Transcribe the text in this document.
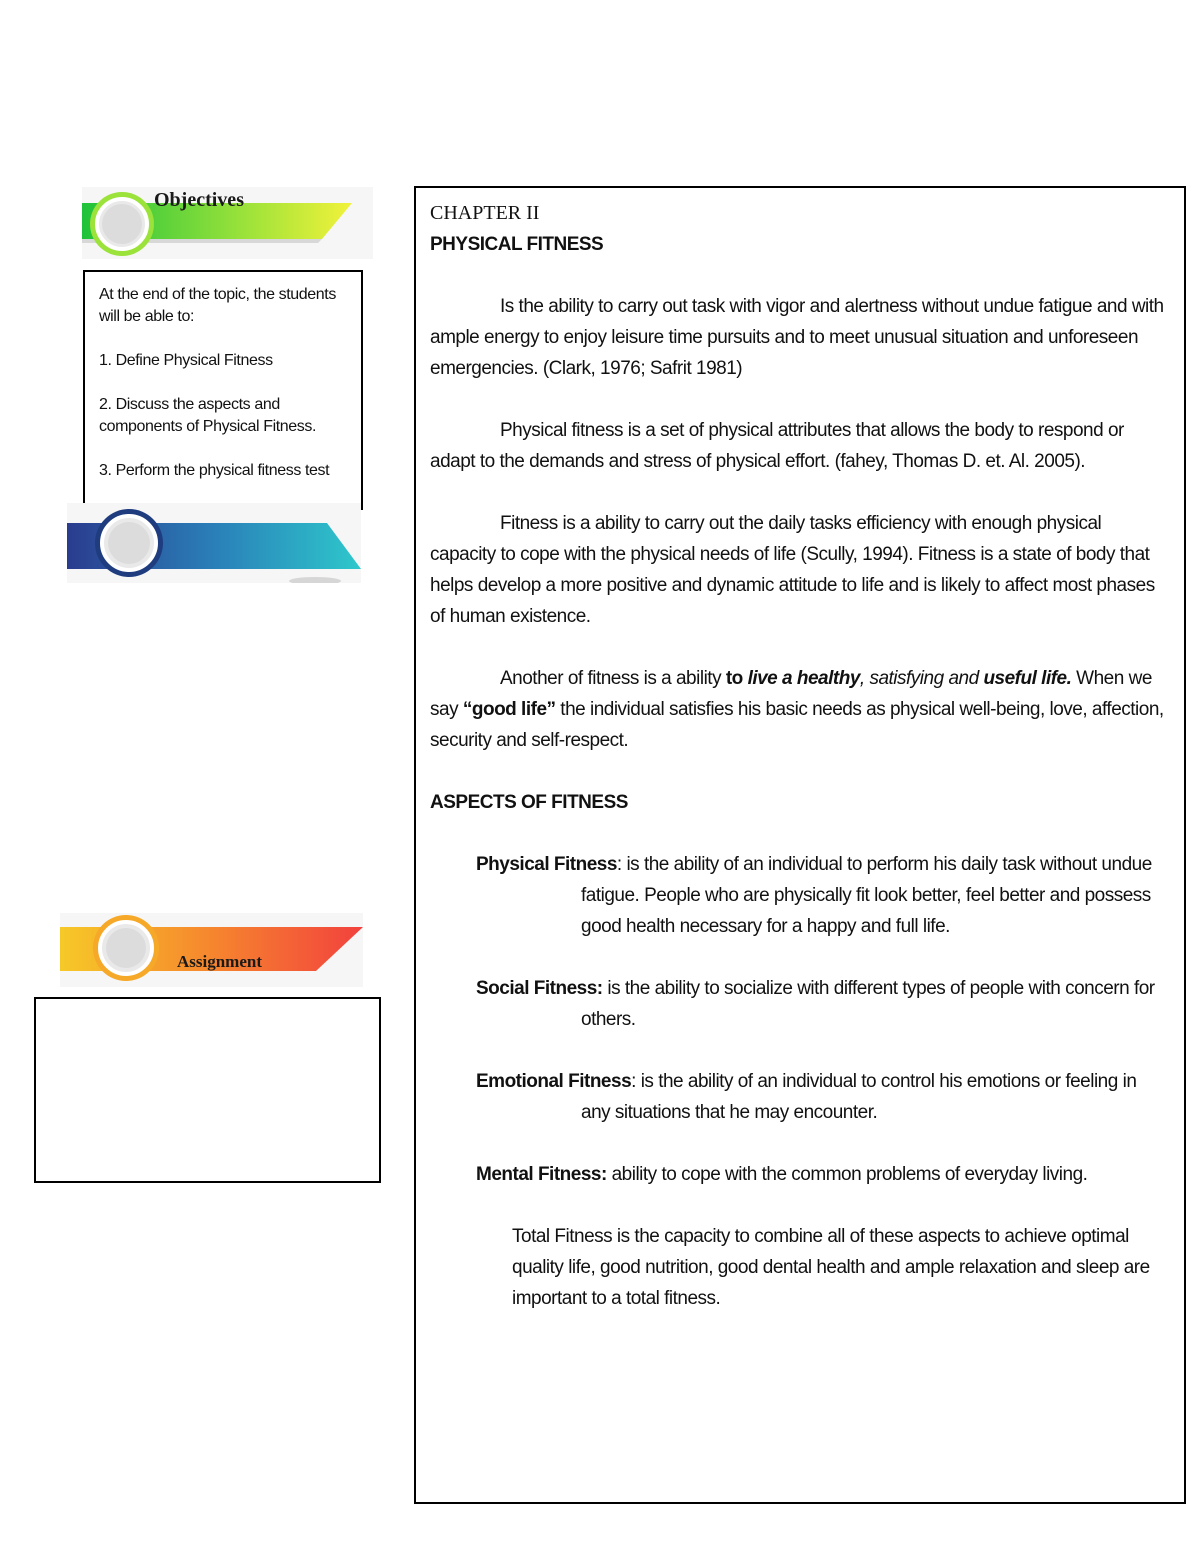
Objectives

At the end of the topic, the students will be able to:

1. Define Physical Fitness

2. Discuss the aspects and components of Physical Fitness.

3. Perform the physical fitness test

Assignment

CHAPTER II

PHYSICAL FITNESS

Is the ability to carry out task with vigor and alertness without undue fatigue and with ample energy to enjoy leisure time pursuits and to meet unusual situation and unforeseen emergencies. (Clark, 1976; Safrit 1981)

Physical fitness is a set of physical attributes that allows the body to respond or adapt to the demands and stress of physical effort. (fahey, Thomas D. et. Al. 2005).

Fitness is a ability to carry out the daily tasks efficiency with enough physical capacity to cope with the physical needs of life (Scully, 1994). Fitness is a state of body that helps develop a more positive and dynamic attitude to life and is likely to affect most phases of human existence.

Another of fitness is a ability to live a healthy, satisfying and useful life. When we say “good life” the individual satisfies his basic needs as physical well-being, love, affection, security and self-respect.

ASPECTS OF FITNESS

Physical Fitness: is the ability of an individual to perform his daily task without undue fatigue. People who are physically fit look better, feel better and possess good health necessary for a happy and full life.

Social Fitness: is the ability to socialize with different types of people with concern for others.

Emotional Fitness: is the ability of an individual to control his emotions or feeling in any situations that he may encounter.

Mental Fitness: ability to cope with the common problems of everyday living.

Total Fitness is the capacity to combine all of these aspects to achieve optimal quality life, good nutrition, good dental health and ample relaxation and sleep are important to a total fitness.
